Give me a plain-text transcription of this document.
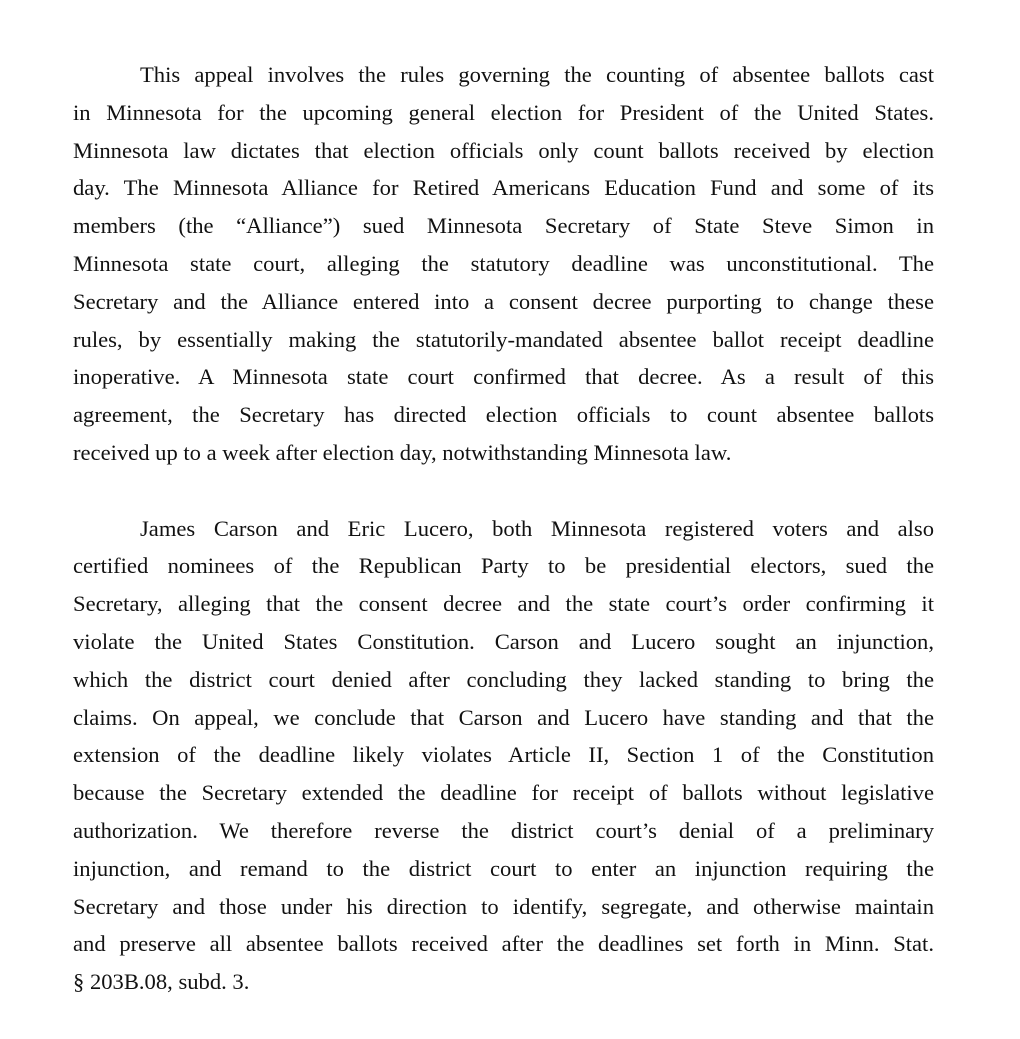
This appeal involves the rules governing the counting of absentee ballots cast
in Minnesota for the upcoming general election for President of the United States.
Minnesota law dictates that election officials only count ballots received by election
day. The Minnesota Alliance for Retired Americans Education Fund and some of its
members (the “Alliance”) sued Minnesota Secretary of State Steve Simon in
Minnesota state court, alleging the statutory deadline was unconstitutional. The
Secretary and the Alliance entered into a consent decree purporting to change these
rules, by essentially making the statutorily-mandated absentee ballot receipt deadline
inoperative. A Minnesota state court confirmed that decree. As a result of this
agreement, the Secretary has directed election officials to count absentee ballots
received up to a week after election day, notwithstanding Minnesota law.
James Carson and Eric Lucero, both Minnesota registered voters and also
certified nominees of the Republican Party to be presidential electors, sued the
Secretary, alleging that the consent decree and the state court’s order confirming it
violate the United States Constitution. Carson and Lucero sought an injunction,
which the district court denied after concluding they lacked standing to bring the
claims. On appeal, we conclude that Carson and Lucero have standing and that the
extension of the deadline likely violates Article II, Section 1 of the Constitution
because the Secretary extended the deadline for receipt of ballots without legislative
authorization. We therefore reverse the district court’s denial of a preliminary
injunction, and remand to the district court to enter an injunction requiring the
Secretary and those under his direction to identify, segregate, and otherwise maintain
and preserve all absentee ballots received after the deadlines set forth in Minn. Stat.
§ 203B.08, subd. 3.
